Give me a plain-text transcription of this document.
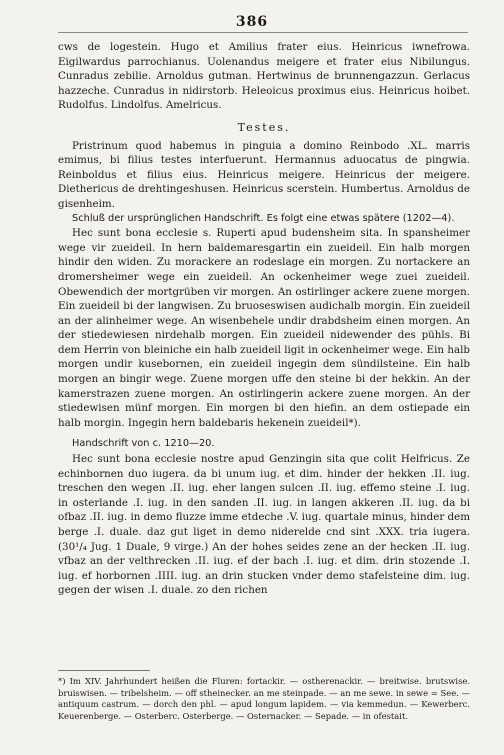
386

cws de logestein. Hugo et Amilius frater eius. Heinricus iwnefrowa. Eigilwardus parrochianus. Uolenandus meigere et frater eius Nibilungus. Cunradus zebilie. Arnoldus gutman. Hertwinus de brunnengazzun. Gerlacus hazzeche. Cunradus in nidirstorb. Heleoicus proximus eius. Heinricus hoibet. Rudolfus. Lindolfus. Amelricus.

Testes.

Pristrinum quod habemus in pinguia a domino Reinbodo .XL. marris emimus, bi filius testes interfuerunt. Hermannus aduocatus de pingwia. Reinboldus et filius eius. Heinricus meigere. Heinricus der meigere. Diethericus de drehtingeshusen. Heinricus scerstein. Humbertus. Arnoldus de gisenheim.

Schluß der ursprünglichen Handschrift. Es folgt eine etwas spätere (1202—4).

Hec sunt bona ecclesie s. Ruperti apud budensheim sita. In spansheimer wege vir zueideil. In hern baldemaresgartin ein zueideil. Ein halb morgen hindir den widen. Zu morackere an rodeslage ein morgen. Zu nortackere an dromersheimer wege ein zueideil. An ockenheimer wege zuei zueideil. Obewendich der mortgrüben vir morgen. An ostirlinger ackere zuene morgen. Ein zueideil bi der langwisen. Zu bruoseswisen audichalb morgin. Ein zueideil an der alinheimer wege. An wisenbehele undir drabdsheim einen morgen. An der stiedewiesen nirdehalb morgen. Ein zueideil nidewender des pühls. Bi dem Herrin von bleiniche ein halb zueideil ligit in ockenheimer wege. Ein halb morgen undir kusebornen, ein zueideil ingegin dem sündilsteine. Ein halb morgen an bingir wege. Zuene morgen uffe den steine bi der hekkin. An der kamerstrazen zuene morgen. An ostirlingerin ackere zuene morgen. An der stiedewisen münf morgen. Ein morgen bi den hiefin. an dem ostiepade ein halb morgin. Ingegin hern baldebaris hekenein zueideil*).

Handschrift von c. 1210—20.

Hec sunt bona ecclesie nostre apud Genzingin sita que colit Helfricus. Ze echinbornen duo iugera. da bi unum iug. et dim. hinder der hekken .II. iug. treschen den wegen .II. iug. eher langen sulcen .II. iug. effemo steine .I. iug. in osterlande .I. iug. in den sanden .II. iug. in langen akkeren .II. iug. da bi ofbaz .II. iug. in demo fluzze imme etdeche .V. iug. quartale minus, hinder dem berge .I. duale. daz gut liget in demo niderelde cnd sint .XXX. tria iugera. (30¹/₄ Jug. 1 Duale, 9 virge.) An der hohes seides zene an der hecken .II. iug. vfbaz an der velthrecken .II. iug. ef der bach .I. iug. et dim. drin stozende .I. iug. ef horbornen .IIII. iug. an drin stucken vnder demo stafelsteine dim. iug. gegen der wisen .I. duale. zo den richen

*) Im XIV. Jahrhundert heißen die Fluren: fortackir. — ostherenackir. — breitwise. brutswise. bruiswisen. — tribelsheim. — off stheinecker. an me steinpade. — an me sewe. in sewe = See. — antiquum castrum. — dorch den phl. — apud longum lapidem. — via kemmedun. — Kewerberc. Keuerenberge. — Osterberc. Osterberge. — Osternacker. — Sepade. — in ofestait.
